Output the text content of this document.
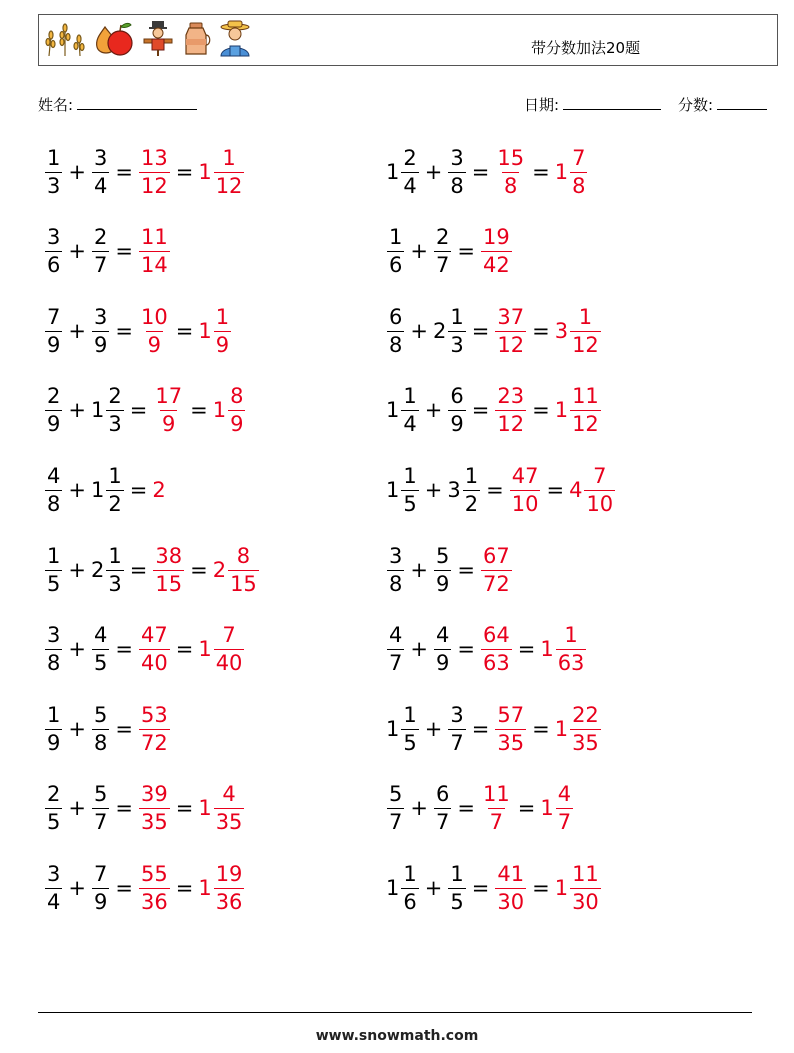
带分数加法20题
姓名:	日期:	分数:
$\frac{1}{3} + \frac{3}{4} = \frac{13}{12} = 1 \frac{1}{12}$	$1 \frac{2}{4} + \frac{3}{8} = \frac{15}{8} = 1 \frac{7}{8}$
$\frac{3}{6} + \frac{2}{7} = \frac{11}{14}$	$\frac{1}{6} + \frac{2}{7} = \frac{19}{42}$
$\frac{7}{9} + \frac{3}{9} = \frac{10}{9} = 1 \frac{1}{9}$	$\frac{6}{8} + 2 \frac{1}{3} = \frac{37}{12} = 3 \frac{1}{12}$
$\frac{2}{9} + 1 \frac{2}{3} = \frac{17}{9} = 1 \frac{8}{9}$	$1 \frac{1}{4} + \frac{6}{9} = \frac{23}{12} = 1 \frac{11}{12}$
$\frac{4}{8} + 1 \frac{1}{2} = 2$	$1 \frac{1}{5} + 3 \frac{1}{2} = \frac{47}{10} = 4 \frac{7}{10}$
$\frac{1}{5} + 2 \frac{1}{3} = \frac{38}{15} = 2 \frac{8}{15}$	$\frac{3}{8} + \frac{5}{9} = \frac{67}{72}$
$\frac{3}{8} + \frac{4}{5} = \frac{47}{40} = 1 \frac{7}{40}$	$\frac{4}{7} + \frac{4}{9} = \frac{64}{63} = 1 \frac{1}{63}$
$\frac{1}{9} + \frac{5}{8} = \frac{53}{72}$	$1 \frac{1}{5} + \frac{3}{7} = \frac{57}{35} = 1 \frac{22}{35}$
$\frac{2}{5} + \frac{5}{7} = \frac{39}{35} = 1 \frac{4}{35}$	$\frac{5}{7} + \frac{6}{7} = \frac{11}{7} = 1 \frac{4}{7}$
$\frac{3}{4} + \frac{7}{9} = \frac{55}{36} = 1 \frac{19}{36}$	$1 \frac{1}{6} + \frac{1}{5} = \frac{41}{30} = 1 \frac{11}{30}$
www.snowmath.com
